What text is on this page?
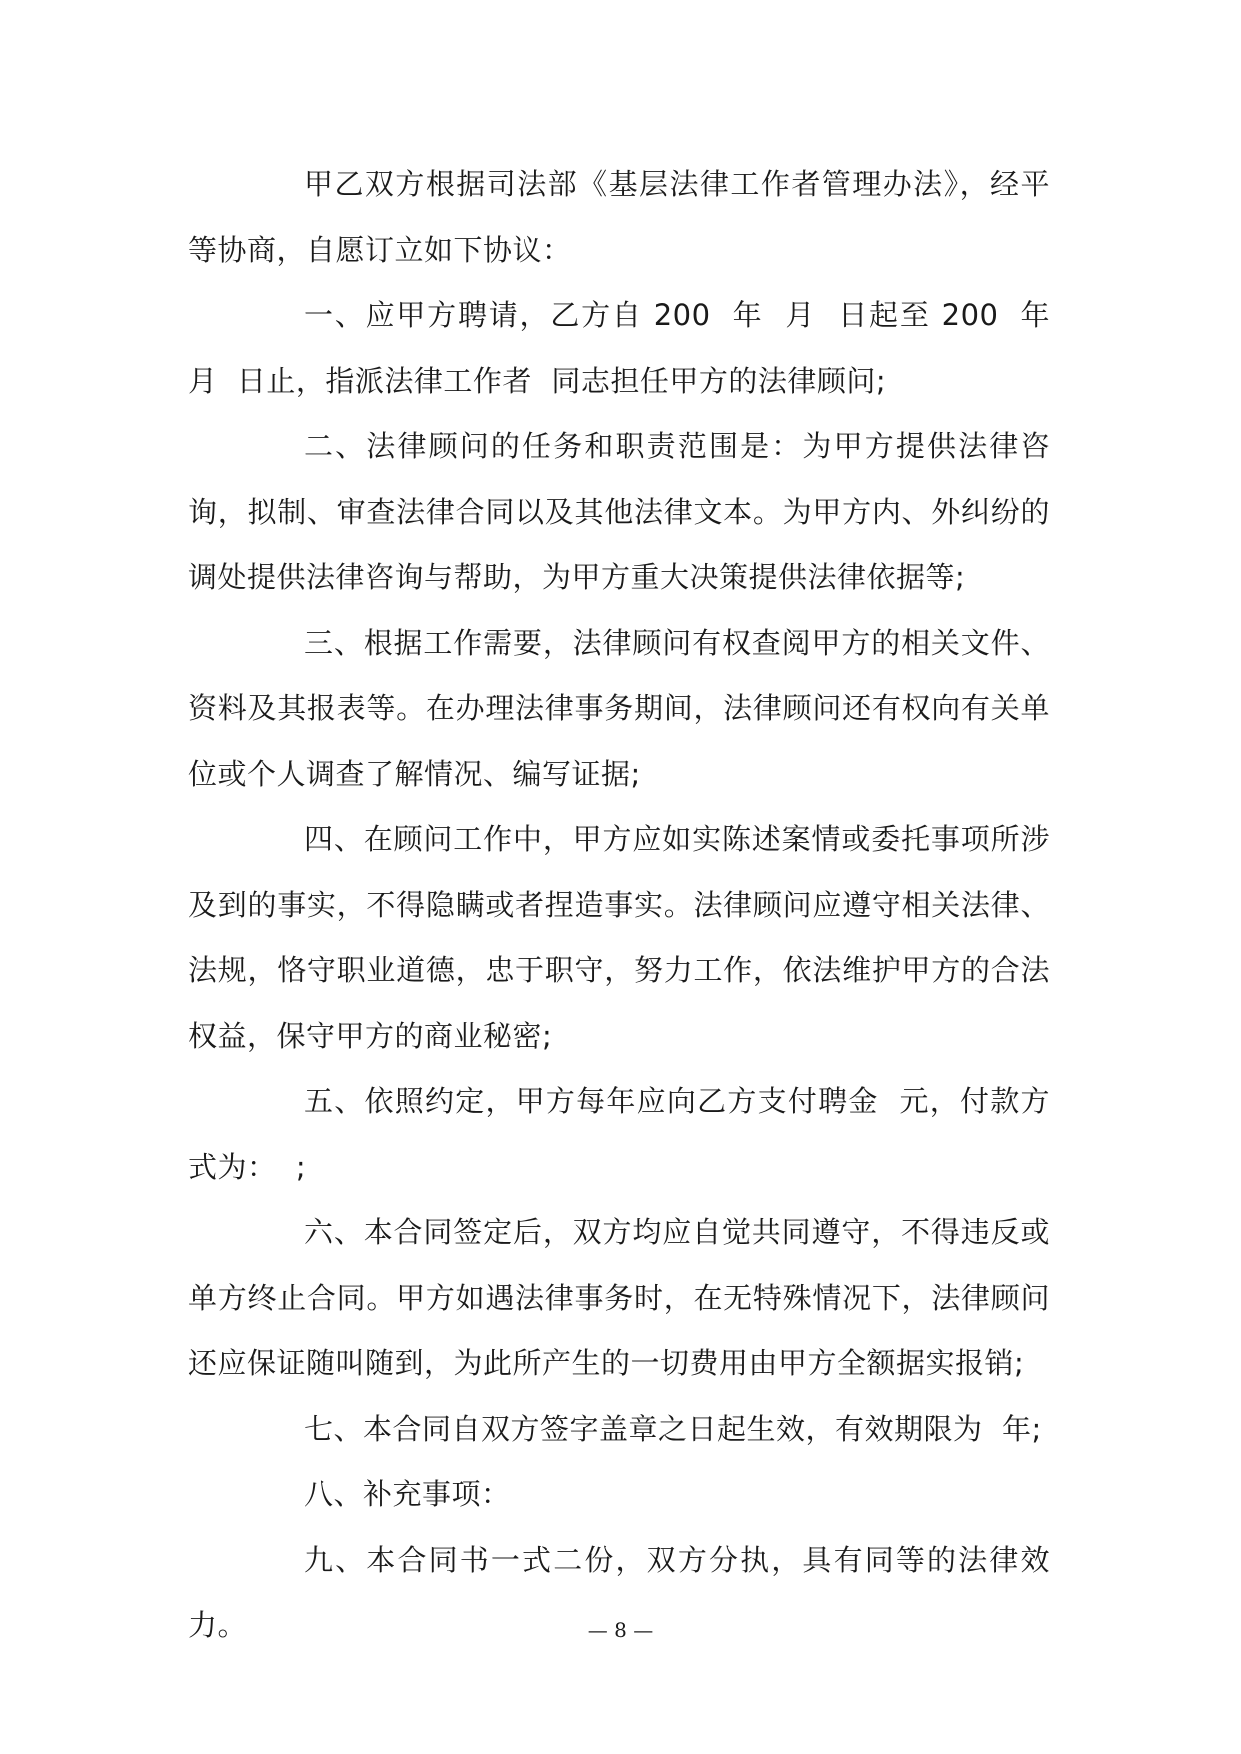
甲乙双方根据司法部《基层法律工作者管理办法》，经平等协商，自愿订立如下协议：

一、应甲方聘请，乙方自 200  年  月  日起至 200  年  月  日止，指派法律工作者  同志担任甲方的法律顾问;

二、法律顾问的任务和职责范围是：为甲方提供法律咨询，拟制、审查法律合同以及其他法律文本。为甲方内、外纠纷的调处提供法律咨询与帮助，为甲方重大决策提供法律依据等;

三、根据工作需要，法律顾问有权查阅甲方的相关文件、资料及其报表等。在办理法律事务期间，法律顾问还有权向有关单位或个人调查了解情况、编写证据;

四、在顾问工作中，甲方应如实陈述案情或委托事项所涉及到的事实，不得隐瞒或者捏造事实。法律顾问应遵守相关法律、法规，恪守职业道德，忠于职守，努力工作，依法维护甲方的合法权益，保守甲方的商业秘密;

五、依照约定，甲方每年应向乙方支付聘金  元，付款方式为：  ;

六、本合同签定后，双方均应自觉共同遵守，不得违反或单方终止合同。甲方如遇法律事务时，在无特殊情况下，法律顾问还应保证随叫随到，为此所产生的一切费用由甲方全额据实报销;

七、本合同自双方签字盖章之日起生效，有效期限为  年;

八、补充事项：

九、本合同书一式二份，双方分执，具有同等的法律效力。	— 8 —
